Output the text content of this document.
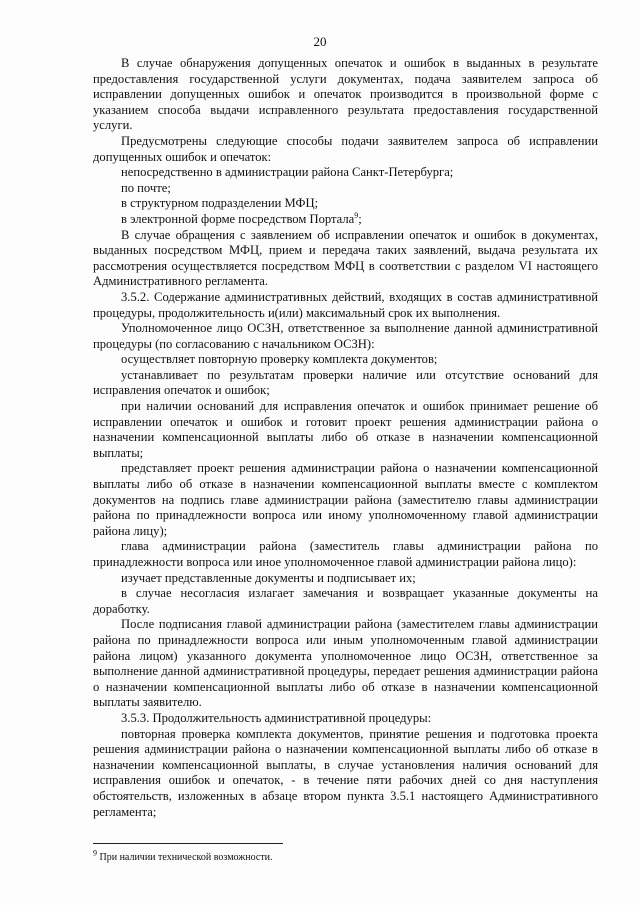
20

В случае обнаружения допущенных опечаток и ошибок в выданных в результате предоставления государственной услуги документах, подача заявителем запроса об исправлении допущенных ошибок и опечаток производится в произвольной форме с указанием способа выдачи исправленного результата предоставления государственной услуги.

Предусмотрены следующие способы подачи заявителем запроса об исправлении допущенных ошибок и опечаток:

непосредственно в администрации района Санкт-Петербурга;

по почте;

в структурном подразделении МФЦ;

в электронной форме посредством Портала$^9$;

В случае обращения с заявлением об исправлении опечаток и ошибок в документах, выданных посредством МФЦ, прием и передача таких заявлений, выдача результата их рассмотрения осуществляется посредством МФЦ в соответствии с разделом VI настоящего Административного регламента.

3.5.2. Содержание административных действий, входящих в состав административной процедуры, продолжительность и(или) максимальный срок их выполнения.

Уполномоченное лицо ОСЗН, ответственное за выполнение данной административной процедуры (по согласованию с начальником ОСЗН):

осуществляет повторную проверку комплекта документов;

устанавливает по результатам проверки наличие или отсутствие оснований для исправления опечаток и ошибок;

при наличии оснований для исправления опечаток и ошибок принимает решение об исправлении опечаток и ошибок и готовит проект решения администрации района о назначении компенсационной выплаты либо об отказе в назначении компенсационной выплаты;

представляет проект решения администрации района о назначении компенсационной выплаты либо об отказе в назначении компенсационной выплаты вместе с комплектом документов на подпись главе администрации района (заместителю главы администрации района по принадлежности вопроса или иному уполномоченному главой администрации района лицу);

глава администрации района (заместитель главы администрации района по принадлежности вопроса или иное уполномоченное главой администрации района лицо):

изучает представленные документы и подписывает их;

в случае несогласия излагает замечания и возвращает указанные документы на доработку.

После подписания главой администрации района (заместителем главы администрации района по принадлежности вопроса или иным уполномоченным главой администрации района лицом) указанного документа уполномоченное лицо ОСЗН, ответственное за выполнение данной административной процедуры, передает решения администрации района о назначении компенсационной выплаты либо об отказе в назначении компенсационной выплаты заявителю.

3.5.3. Продолжительность административной процедуры:

повторная проверка комплекта документов, принятие решения и подготовка проекта решения администрации района о назначении компенсационной выплаты либо об отказе в назначении компенсационной выплаты, в случае установления наличия оснований для исправления ошибок и опечаток, - в течение пяти рабочих дней со дня наступления обстоятельств, изложенных в абзаце втором пункта 3.5.1 настоящего Административного регламента;

$^9$ При наличии технической возможности.
